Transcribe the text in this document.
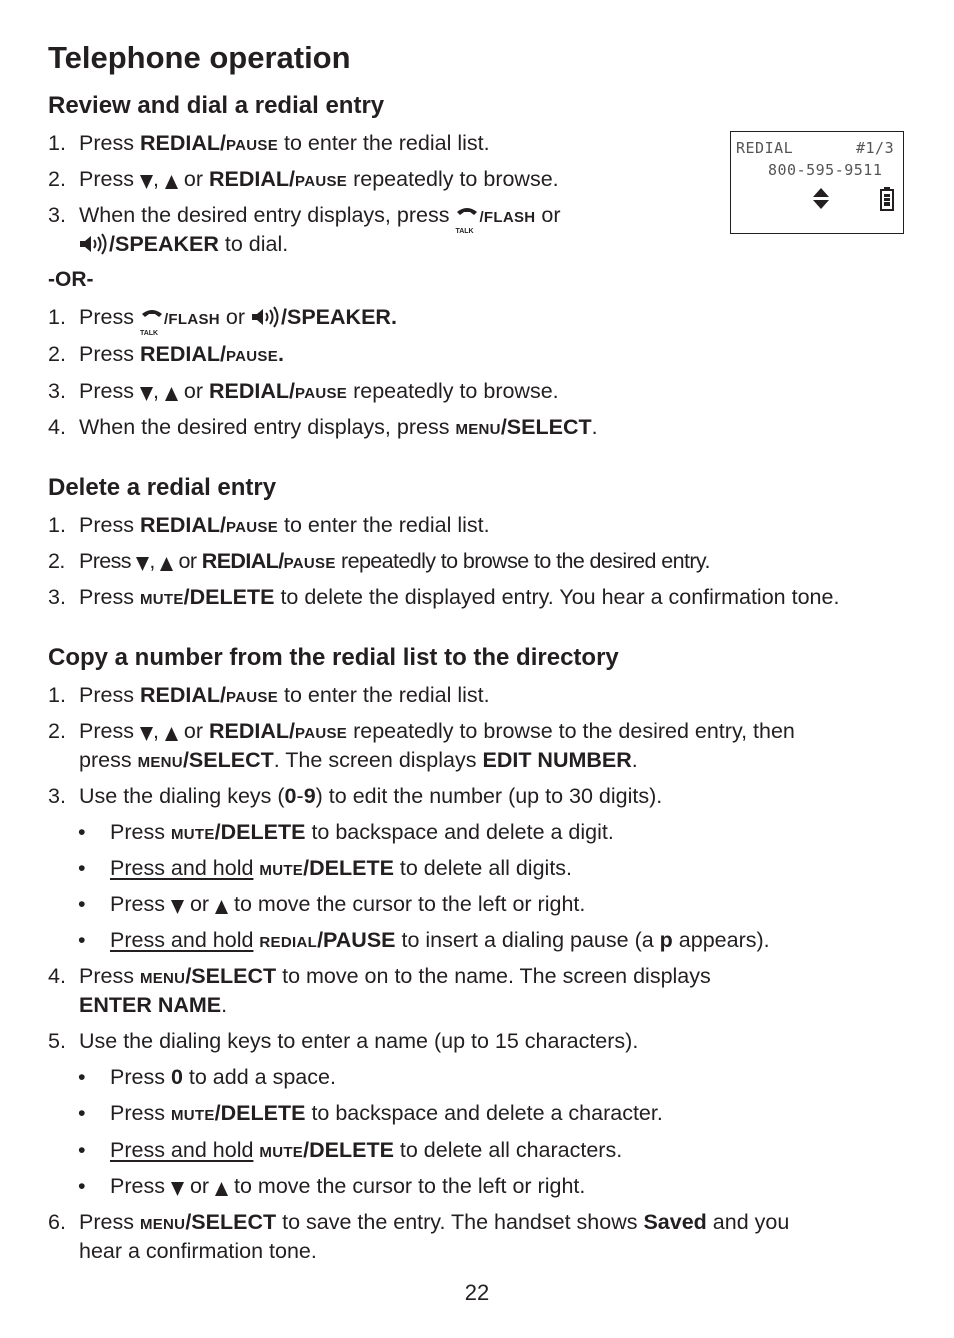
Telephone operation
REDIAL	#1/3
800-595-9511
Review and dial a redial entry
1. Press REDIAL/PAUSE to enter the redial list.
2. Press , or REDIAL/PAUSE repeatedly to browse.
3. When the desired entry displays, press
TALK
/FLASH or
/SPEAKER to dial.
-OR-
1. Press
TALK
/FLASH or /SPEAKER.
2. Press REDIAL/PAUSE.
3. Press , or REDIAL/PAUSE repeatedly to browse.
4. When the desired entry displays, press MENU/SELECT.
Delete a redial entry
1. Press REDIAL/PAUSE to enter the redial list.
2. Press , or REDIAL/PAUSE repeatedly to browse to the desired entry.
3. Press MUTE/DELETE to delete the displayed entry. You hear a confirmation tone.
Copy a number from the redial list to the directory
1. Press REDIAL/PAUSE to enter the redial list.
2. Press , or REDIAL/PAUSE repeatedly to browse to the desired entry, then
press MENU/SELECT. The screen displays EDIT NUMBER.
3. Use the dialing keys (0-9) to edit the number (up to 30 digits).
• Press MUTE/DELETE to backspace and delete a digit.
• Press and hold MUTE/DELETE to delete all digits.
• Press or to move the cursor to the left or right.
• Press and hold REDIAL/PAUSE to insert a dialing pause (a p appears).
4. Press MENU/SELECT to move on to the name. The screen displays
ENTER NAME.
5. Use the dialing keys to enter a name (up to 15 characters).
• Press 0 to add a space.
• Press MUTE/DELETE to backspace and delete a character.
• Press and hold MUTE/DELETE to delete all characters.
• Press or to move the cursor to the left or right.
6. Press MENU/SELECT to save the entry. The handset shows Saved and you
hear a confirmation tone.
22
